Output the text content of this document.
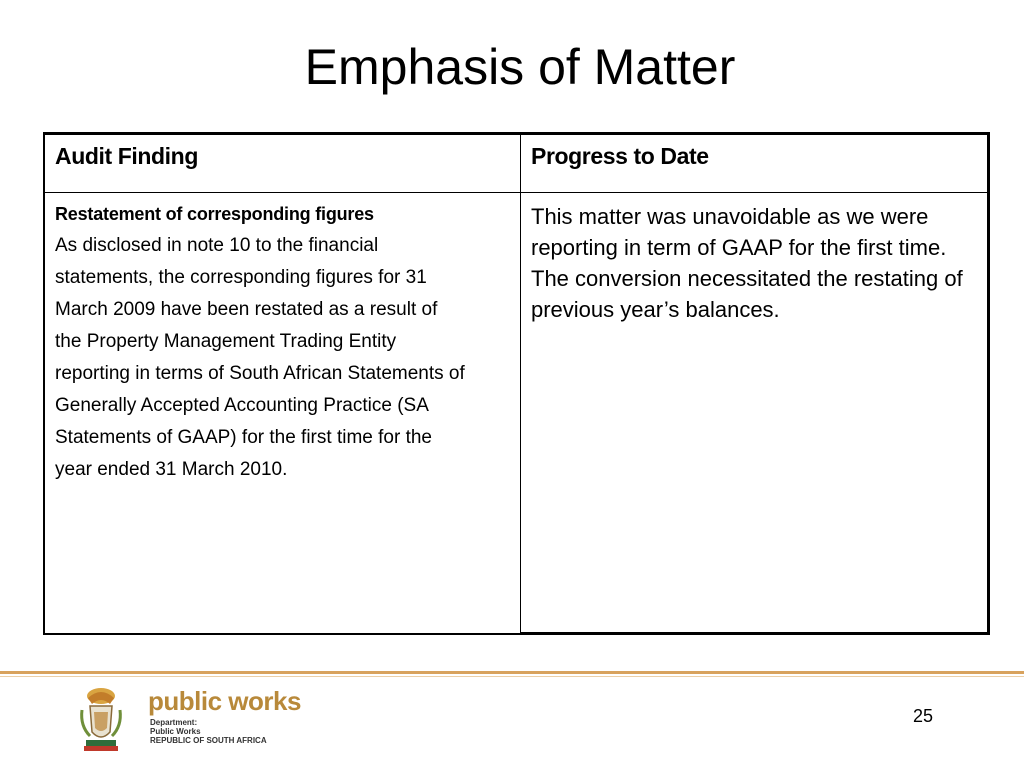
Emphasis of Matter
Audit Finding	Progress to Date
Restatement of corresponding figures
As disclosed in note 10 to the financial
statements, the corresponding figures for 31
March 2009 have been restated as a result of
the Property Management Trading Entity
reporting in terms of South African Statements of
Generally Accepted Accounting Practice (SA
Statements of GAAP) for the first time for the
year ended 31 March 2010.
This matter was unavoidable as we were reporting in term of GAAP for the first time. The conversion necessitated the restating of previous year’s balances.
public works
Department:
Public Works
REPUBLIC OF SOUTH AFRICA
25
